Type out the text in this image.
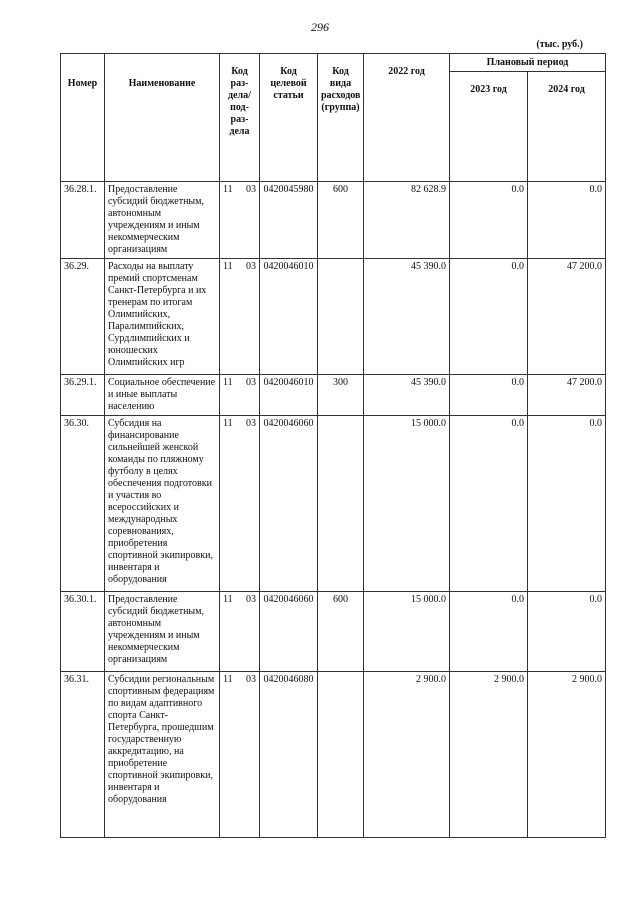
296
(тыс. руб.)
Номер	Наименование	Код раз-дела/под-раз-дела	Код целевой статьи	Код вида расходов (группа)	2022 год	Плановый период	
						2023 год	2024 год
36.28.1.	Предоставление субсидий бюджетным, автономным учреждениям и иным некоммерческим организациям	11 03	0420045980	600	82 628.9	0.0	0.0
36.29.	Расходы на выплату премий спортсменам Санкт-Петербурга и их тренерам по итогам Олимпийских, Паралимпийских, Сурдлимпийских и юношеских Олимпийских игр	11 03	0420046010		45 390.0	0.0	47 200.0
36.29.1.	Социальное обеспечение и иные выплаты населению	11 03	0420046010	300	45 390.0	0.0	47 200.0
36.30.	Субсидия на финансирование сильнейшей женской команды по пляжному футболу в целях обеспечения подготовки и участия во всероссийских и международных соревнованиях, приобретения спортивной экипировки, инвентаря и оборудования	11 03	0420046060		15 000.0	0.0	0.0
36.30.1.	Предоставление субсидий бюджетным, автономным учреждениям и иным некоммерческим организациям	11 03	0420046060	600	15 000.0	0.0	0.0
36.31.	Субсидии региональным спортивным федерациям по видам адаптивного спорта Санкт-Петербурга, прошедшим государственную аккредитацию, на приобретение спортивной экипировки, инвентаря и оборудования	11 03	0420046080		2 900.0	2 900.0	2 900.0
